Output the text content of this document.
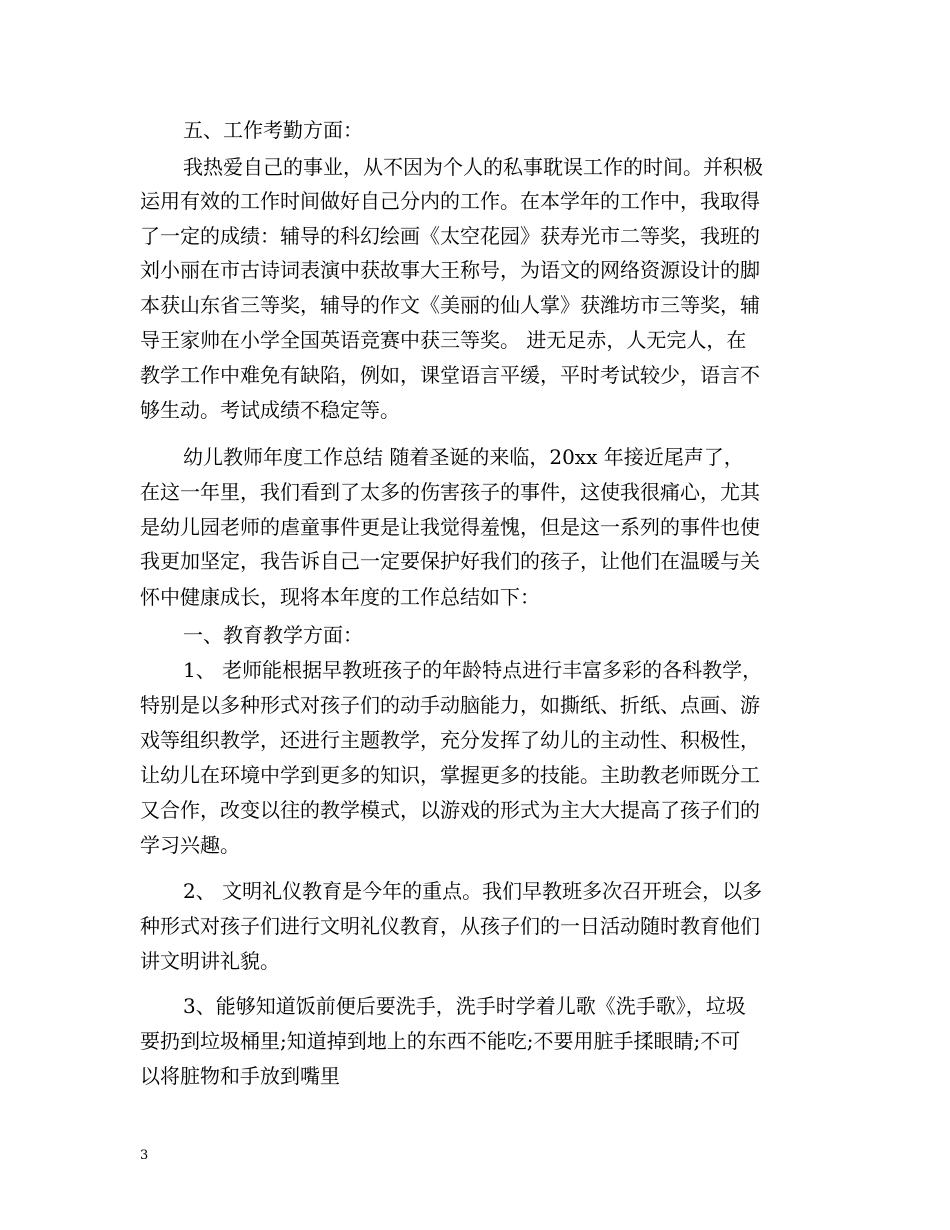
五、工作考勤方面：
我热爱自己的事业，从不因为个人的私事耽误工作的时间。并积极
运用有效的工作时间做好自己分内的工作。在本学年的工作中，我取得
了一定的成绩：辅导的科幻绘画《太空花园》获寿光市二等奖，我班的
刘小丽在市古诗词表演中获故事大王称号，为语文的网络资源设计的脚
本获山东省三等奖，辅导的作文《美丽的仙人掌》获潍坊市三等奖，辅
导王家帅在小学全国英语竞赛中获三等奖。 进无足赤，人无完人，在
教学工作中难免有缺陷，例如，课堂语言平缓，平时考试较少，语言不
够生动。考试成绩不稳定等。
幼儿教师年度工作总结 随着圣诞的来临，20xx 年接近尾声了，
在这一年里，我们看到了太多的伤害孩子的事件，这使我很痛心，尤其
是幼儿园老师的虐童事件更是让我觉得羞愧，但是这一系列的事件也使
我更加坚定，我告诉自己一定要保护好我们的孩子，让他们在温暖与关
怀中健康成长，现将本年度的工作总结如下：
一、教育教学方面：
1、 老师能根据早教班孩子的年龄特点进行丰富多彩的各科教学，
特别是以多种形式对孩子们的动手动脑能力，如撕纸、折纸、点画、游
戏等组织教学，还进行主题教学，充分发挥了幼儿的主动性、积极性，
让幼儿在环境中学到更多的知识，掌握更多的技能。主助教老师既分工
又合作，改变以往的教学模式，以游戏的形式为主大大提高了孩子们的
学习兴趣。
2、 文明礼仪教育是今年的重点。我们早教班多次召开班会，以多
种形式对孩子们进行文明礼仪教育，从孩子们的一日活动随时教育他们
讲文明讲礼貌。
3、能够知道饭前便后要洗手，洗手时学着儿歌《洗手歌》，垃圾
要扔到垃圾桶里;知道掉到地上的东西不能吃;不要用脏手揉眼睛;不可
以将脏物和手放到嘴里
3
